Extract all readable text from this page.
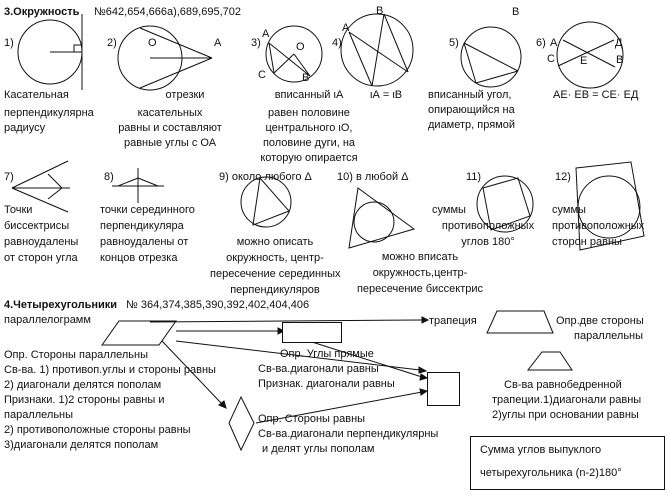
3.Окружность №642,654,666а),689,695,702	В
1)	2)	3)	4)	5)	6)
О	А
А
О
С	В
А
В
А	Д
С Е	В
Касательная
перпендикулярна
радиусу
отрезки
касательных
равны и составляют
равные углы с ОА
вписанный ιА
равен половине
центрального ιО,
половине дуги, на
которую опирается
ιА = ιВ вписанный угол,
опирающийся на
диаметр, прямой
АЕ· ЕВ = СЕ· ЕД
7)	8)	9) около любого Δ 10) в любой Δ	11)	12)
Точки
биссектрисы
равноудалены
от сторон угла
точки серединного
перпендикуляра
равноудалены от
концов отрезка
можно описать
окружность, центр-
пересечение серединных
перпендикуляров
можно вписать
окружность,центр-
пересечение биссектрис
суммы
противоположных
углов 180°
суммы
противоположных
сторон равны
4.Четырехугольники № 364,374,385,390,392,402,404,406
параллелограмм
Опр. Стороны параллельны
Св-ва. 1) противоп.углы и стороны равны
2) диагонали делятся пополам
Признаки. 1)2 стороны равны и
параллельны
2) противоположные стороны равны
3)диагонали делятся пополам
Опр. Углы прямые
Св-ва.диагонали равны
Признак. диагонали равны
Опр. Стороны равны
Св-ва.диагонали перпендикулярны
и делят углы пополам
трапеция	Опр.две стороны
параллельны
Св-ва равнобедренной
трапеции.1)диагонали равны
2)углы при основании равны
Сумма углов выпуклого
четырехугольника (n-2)180°
